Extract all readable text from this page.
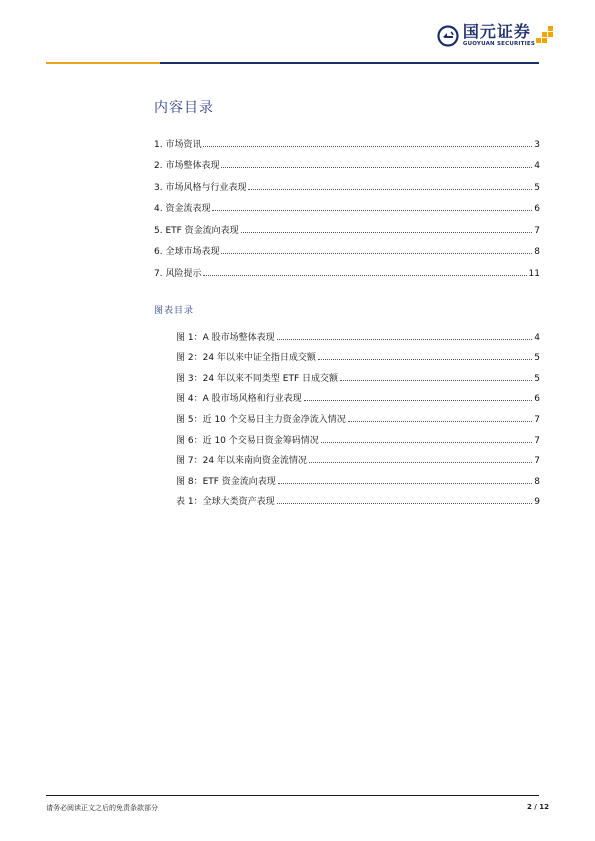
国元证券
GUOYUAN SECURITIES
内容目录
1. 市场资讯	3
2. 市场整体表现	4
3. 市场风格与行业表现	5
4. 资金流表现	6
5. ETF 资金流向表现	7
6. 全球市场表现	8
7. 风险提示	11
图表目录
图 1：A 股市场整体表现	4
图 2：24 年以来中证全指日成交额	5
图 3：24 年以来不同类型 ETF 日成交额	5
图 4：A 股市场风格和行业表现	6
图 5：近 10 个交易日主力资金净流入情况	7
图 6：近 10 个交易日资金筹码情况	7
图 7：24 年以来南向资金流情况	7
图 8：ETF 资金流向表现	8
表 1：全球大类资产表现	9
请务必阅读正文之后的免责条款部分	2 / 12
